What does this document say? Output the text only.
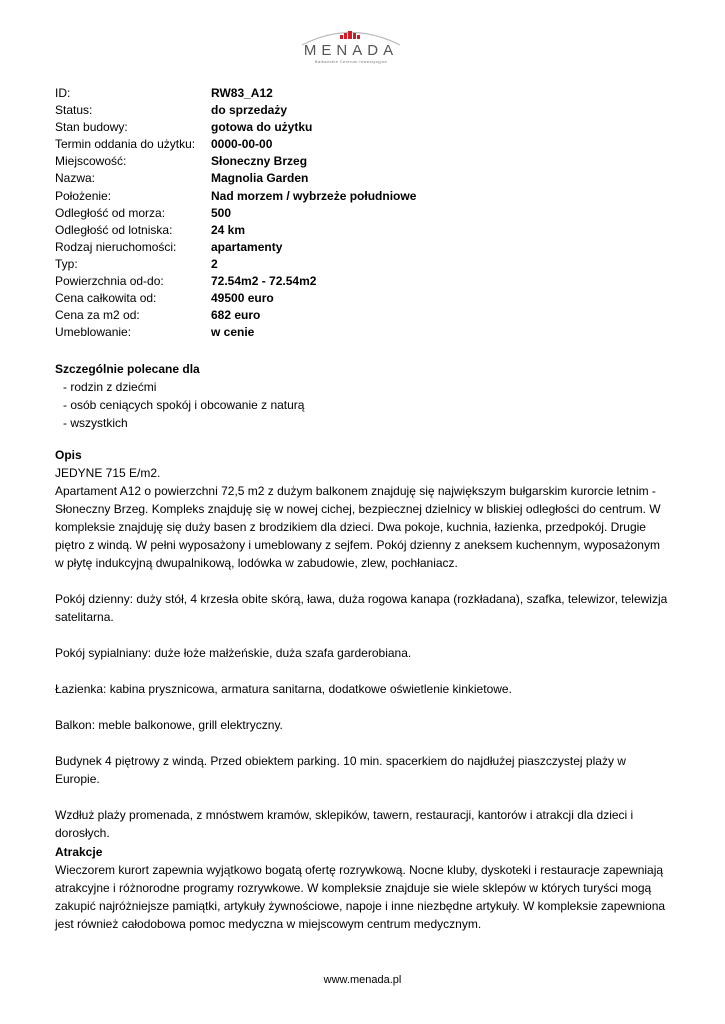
MENADA
Bałkańskie Centrum Inwestycyjne
ID:	RW83_A12
Status:	do sprzedaży
Stan budowy:	gotowa do użytku
Termin oddania do użytku:	0000-00-00
Miejscowość:	Słoneczny Brzeg
Nazwa:	Magnolia Garden
Położenie:	Nad morzem / wybrzeże południowe
Odległość od morza:	500
Odległość od lotniska:	24 km
Rodzaj nieruchomości:	apartamenty
Typ:	2
Powierzchnia od-do:	72.54m2 - 72.54m2
Cena całkowita od:	49500 euro
Cena za m2 od:	682 euro
Umeblowanie:	w cenie
Szczególnie polecane dla
- rodzin z dziećmi
- osób ceniących spokój i obcowanie z naturą
- wszystkich
Opis

JEDYNE 715 E/m2.

Apartament A12 o powierzchni 72,5 m2 z dużym balkonem znajduję się największym bułgarskim kurorcie letnim -Słoneczny Brzeg. Kompleks znajduję się w nowej cichej, bezpiecznej dzielnicy w bliskiej odległości do centrum. W kompleksie znajduję się duży basen z brodzikiem dla dzieci. Dwa pokoje, kuchnia, łazienka, przedpokój. Drugie piętro z windą. W pełni wyposażony i umeblowany z sejfem. Pokój dzienny z aneksem kuchennym, wyposażonym w płytę indukcyjną dwupalnikową, lodówka w zabudowie, zlew, pochłaniacz.

Pokój dzienny: duży stół, 4 krzesła obite skórą, ława, duża rogowa kanapa (rozkładana), szafka, telewizor, telewizja satelitarna.

Pokój sypialniany: duże łoże małżeńskie, duża szafa garderobiana.

Łazienka: kabina prysznicowa, armatura sanitarna, dodatkowe oświetlenie kinkietowe.

Balkon: meble balkonowe, grill elektryczny.

Budynek 4 piętrowy z windą. Przed obiektem parking. 10 min. spacerkiem do najdłużej piaszczystej plaży w Europie.

Wzdłuż plaży promenada, z mnóstwem kramów, sklepików, tawern, restauracji, kantorów i atrakcji dla dzieci i dorosłych.

Atrakcje

Wieczorem kurort zapewnia wyjątkowo bogatą ofertę rozrywkową. Nocne kluby, dyskoteki i restauracje zapewniają atrakcyjne i różnorodne programy rozrywkowe. W kompleksie znajduje sie wiele sklepów w których turyści mogą zakupić najróżniejsze pamiątki, artykuły żywnościowe, napoje i inne niezbędne artykuły. W kompleksie zapewniona jest również całodobowa pomoc medyczna w miejscowym centrum medycznym.

www.menada.pl
